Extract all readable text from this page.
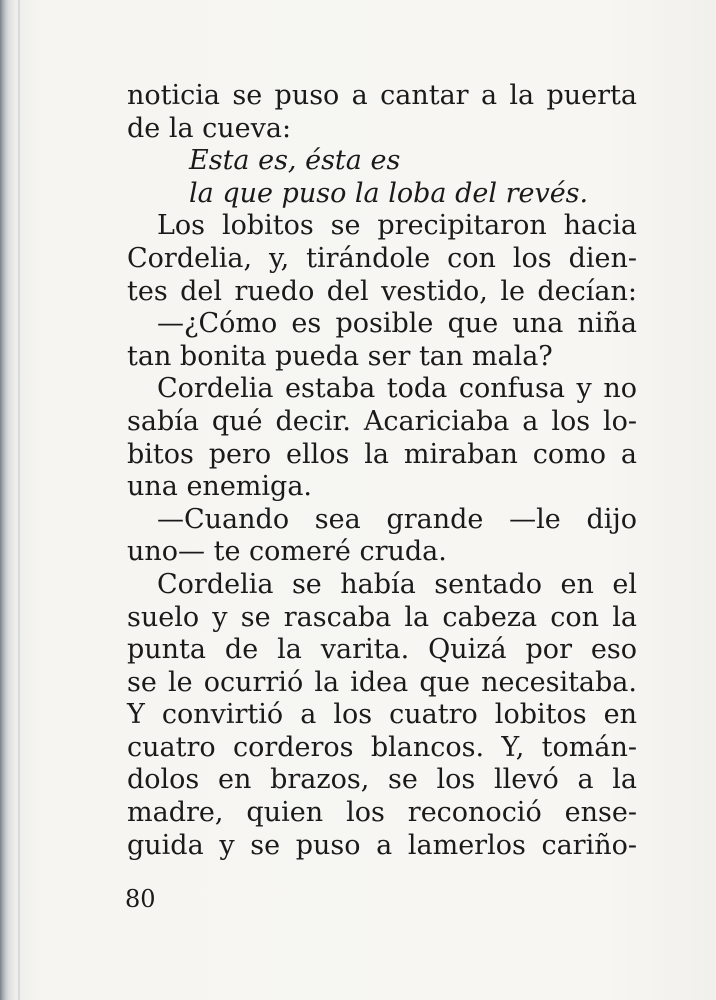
noticia se puso a cantar a la puerta
de la cueva:
Esta es, ésta es
la que puso la loba del revés.
Los lobitos se precipitaron hacia
Cordelia, y, tirándole con los dien-
tes del ruedo del vestido, le decían:
—¿Cómo es posible que una niña
tan bonita pueda ser tan mala?
Cordelia estaba toda confusa y no
sabía qué decir. Acariciaba a los lo-
bitos pero ellos la miraban como a
una enemiga.
—Cuando sea grande —le dijo
uno— te comeré cruda.
Cordelia se había sentado en el
suelo y se rascaba la cabeza con la
punta de la varita. Quizá por eso
se le ocurrió la idea que necesitaba.
Y convirtió a los cuatro lobitos en
cuatro corderos blancos. Y, tomán-
dolos en brazos, se los llevó a la
madre, quien los reconoció ense-
guida y se puso a lamerlos cariño-
80
